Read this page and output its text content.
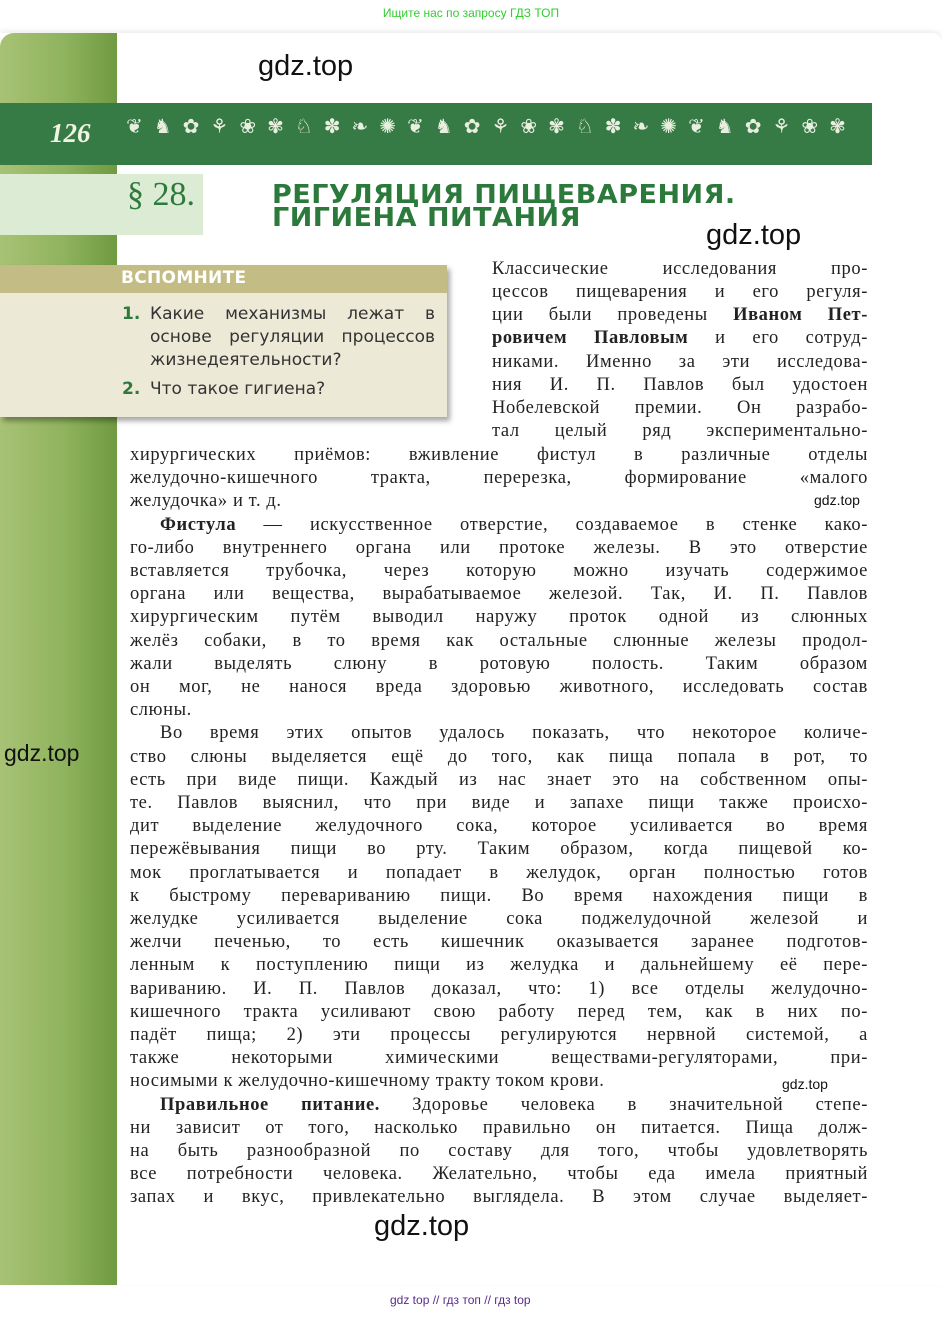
Ищите нас по запросу ГДЗ ТОП
126 ❦ ♞ ✿ ⚘ ❀ ✾ ♘ ✽ ❧ ✺ ❦ ♞ ✿ ⚘ ❀ ✾ ♘ ✽ ❧ ✺ ❦ ♞ ✿ ⚘ ❀ ✾
§ 28.	РЕГУЛЯЦИЯ ПИЩЕВАРЕНИЯ.
ГИГИЕНА ПИТАНИЯ
ВСПОМНИТЕ
1. Какие механизмы лежат в основе регуляции процессов жизнедеятельности?
2. Что такое гигиена?
Классические исследования про-
цессов пищеварения и его регуля-
ции были проведены Иваном Пет-
ровичем Павловым и его сотруд-
никами. Именно за эти исследова-
ния И. П. Павлов был удостоен
Нобелевской премии. Он разрабо-
тал целый ряд экспериментально-
хирургических приёмов: вживление фистул в различные отделы
желудочно-кишечного тракта, перерезка, формирование «малого
желудочка» и т. д.
Фистула — искусственное отверстие, создаваемое в стенке како-
го-либо внутреннего органа или протоке железы. В это отверстие
вставляется трубочка, через которую можно изучать содержимое
органа или вещества, вырабатываемое железой. Так, И. П. Павлов
хирургическим путём выводил наружу проток одной из слюнных
желёз собаки, в то время как остальные слюнные железы продол-
жали выделять слюну в ротовую полость. Таким образом
он мог, не нанося вреда здоровью животного, исследовать состав
слюны.
Во время этих опытов удалось показать, что некоторое количе-
ство слюны выделяется ещё до того, как пища попала в рот, то
есть при виде пищи. Каждый из нас знает это на собственном опы-
те. Павлов выяснил, что при виде и запахе пищи также происхо-
дит выделение желудочного сока, которое усиливается во время
пережёвывания пищи во рту. Таким образом, когда пищевой ко-
мок проглатывается и попадает в желудок, орган полностью готов
к быстрому перевариванию пищи. Во время нахождения пищи в
желудке усиливается выделение сока поджелудочной железой и
желчи печенью, то есть кишечник оказывается заранее подготов-
ленным к поступлению пищи из желудка и дальнейшему её пере-
вариванию. И. П. Павлов доказал, что: 1) все отделы желудочно-
кишечного тракта усиливают свою работу перед тем, как в них по-
падёт пища; 2) эти процессы регулируются нервной системой, а
также некоторыми химическими веществами-регуляторами, при-
носимыми к желудочно-кишечному тракту током крови.
Правильное питание. Здоровье человека в значительной степе-
ни зависит от того, насколько правильно он питается. Пища долж-
на быть разнообразной по составу для того, чтобы удовлетворять
все потребности человека. Желательно, чтобы еда имела приятный
запах и вкус, привлекательно выглядела. В этом случае выделяет-
gdz.top
gdz.top
gdz.top
gdz.top
gdz.top
gdz.top
gdz top // гдз топ // гдз top
